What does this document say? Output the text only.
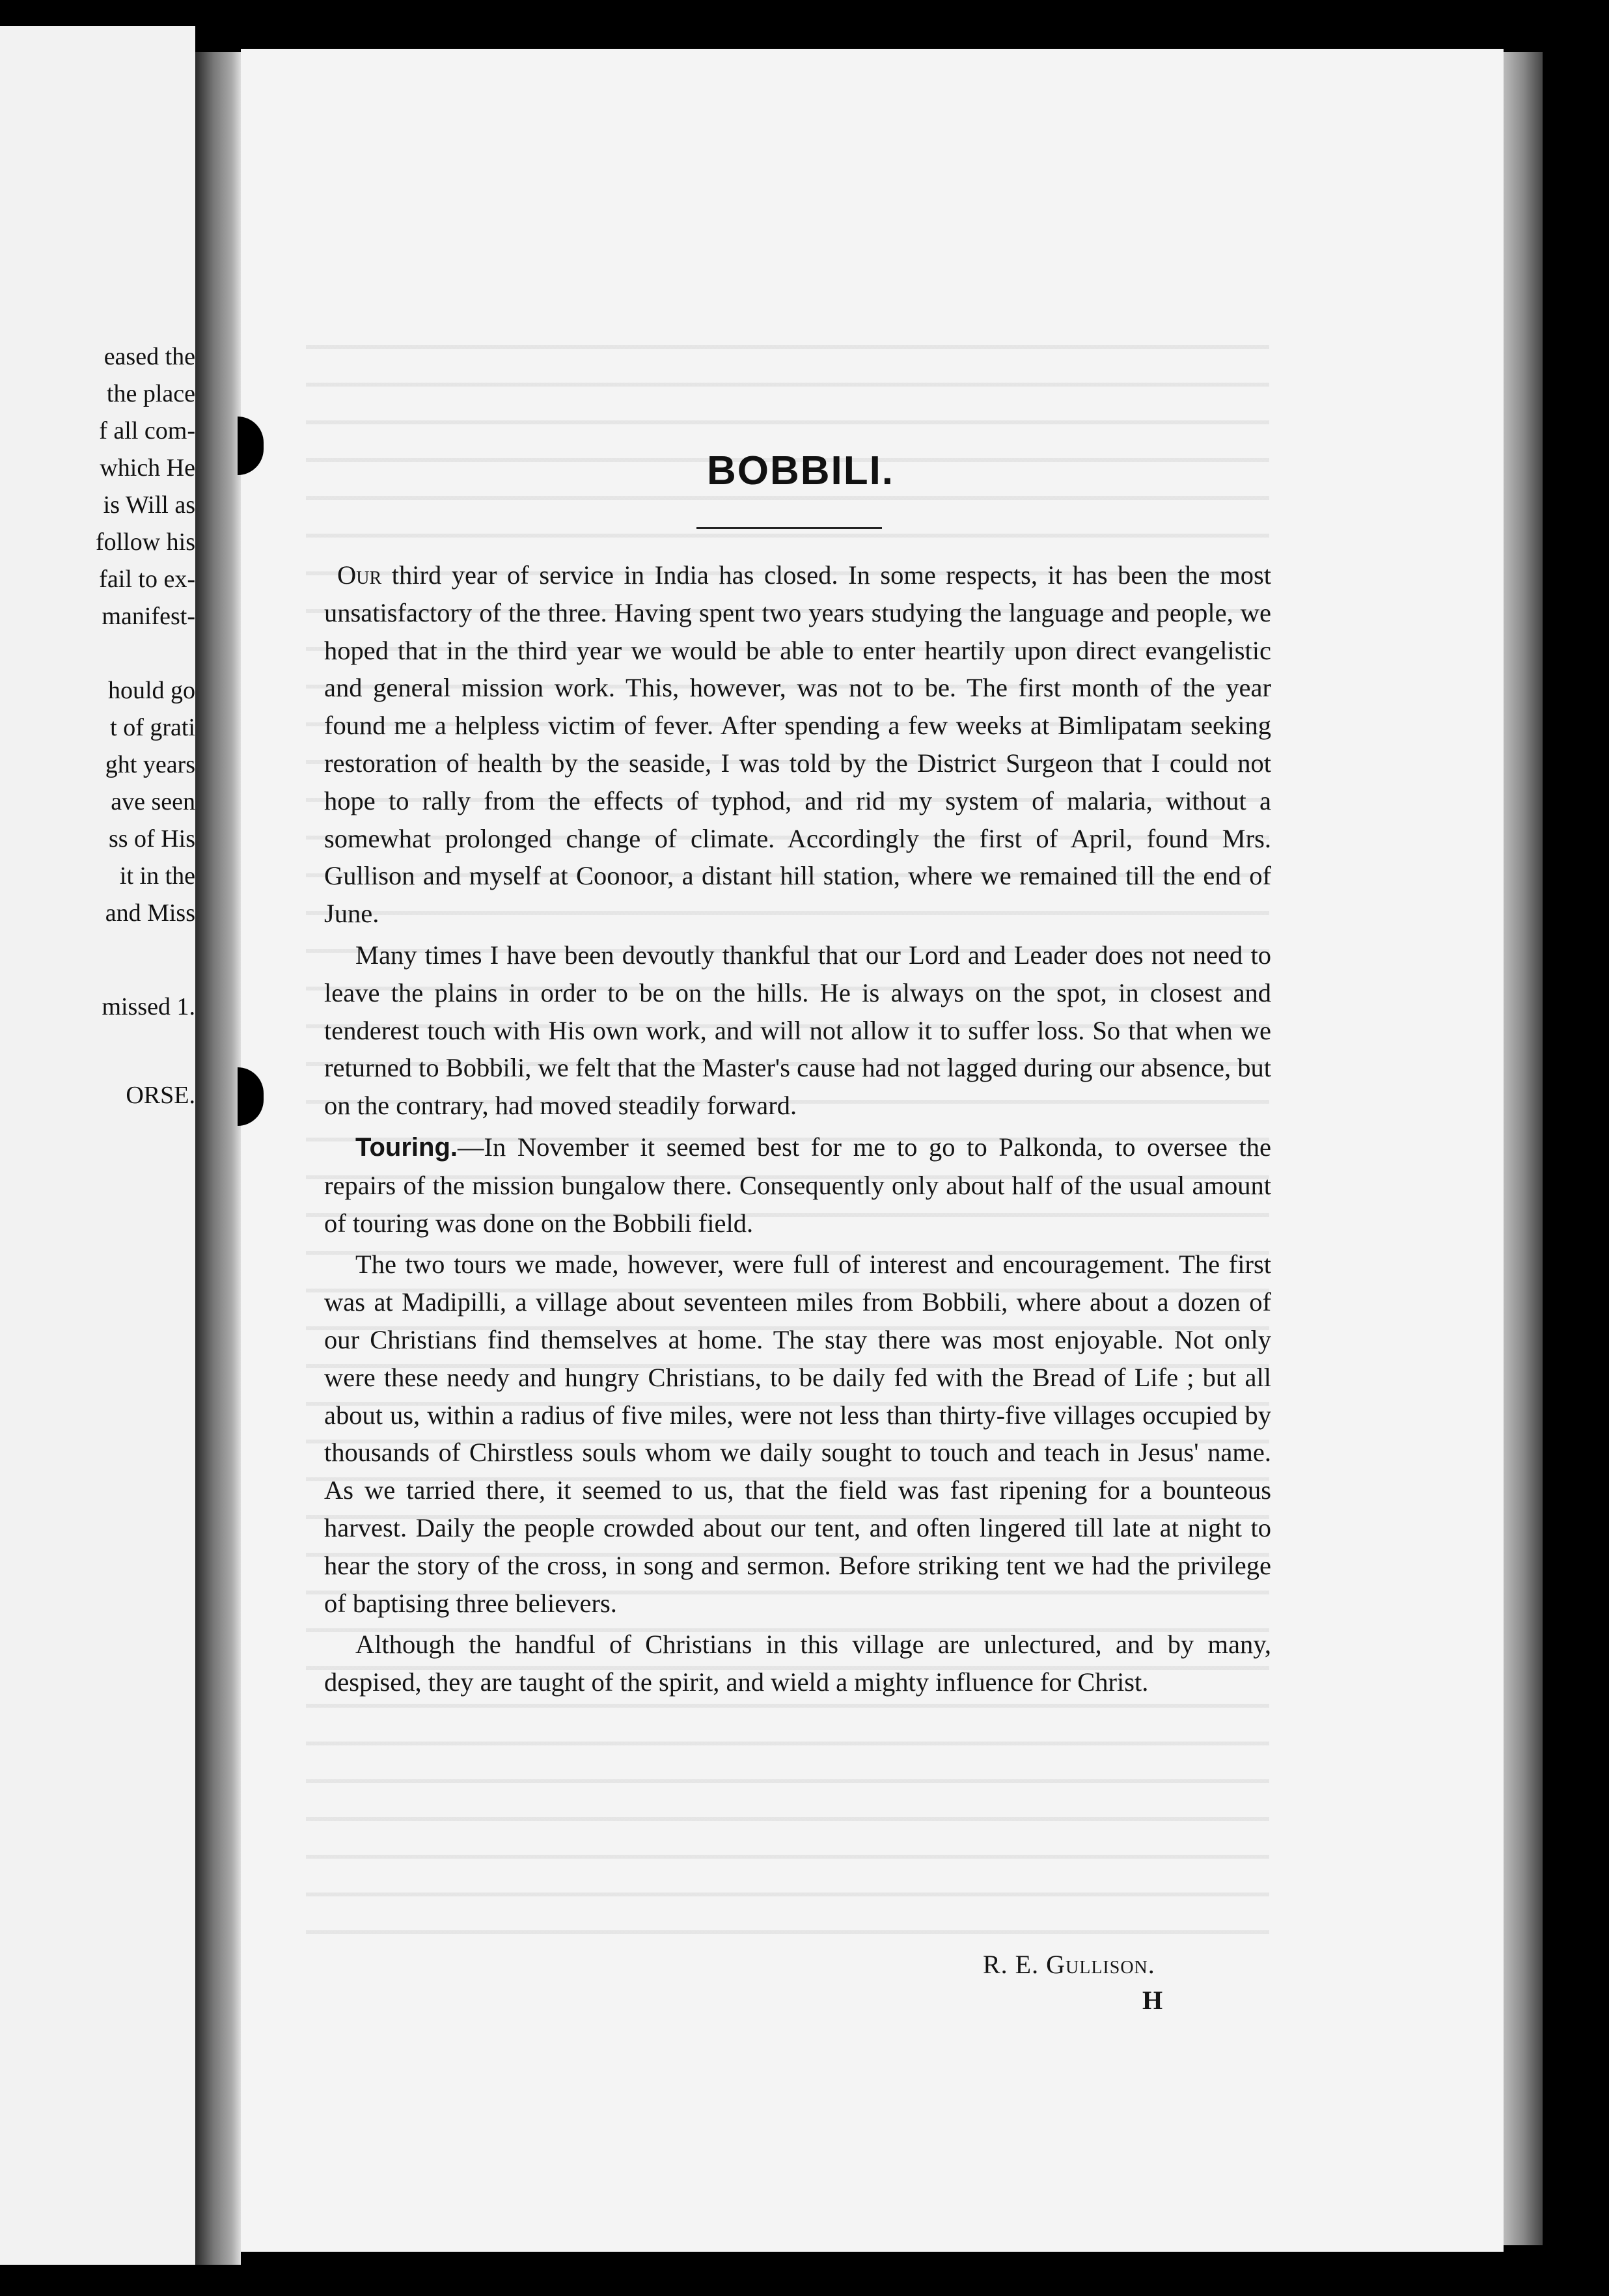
eased the
the place
f all com-
which He
is Will as
follow his
fail to ex-
manifest-
hould go
t of grati
ght years
ave seen
ss of His
it in the
and Miss
missed 1.
ORSE.
BOBBILI.

Our third year of service in India has closed. In some respects, it has been the most unsatisfactory of the three. Having spent two years studying the language and people, we hoped that in the third year we would be able to enter heartily upon direct evangelistic and general mission work. This, however, was not to be. The first month of the year found me a helpless victim of fever. After spending a few weeks at Bimlipatam seeking restoration of health by the seaside, I was told by the District Surgeon that I could not hope to rally from the effects of typhod, and rid my system of malaria, without a somewhat prolonged change of climate. Accordingly the first of April, found Mrs. Gullison and myself at Coonoor, a distant hill station, where we remained till the end of June.

Many times I have been devoutly thankful that our Lord and Leader does not need to leave the plains in order to be on the hills. He is always on the spot, in closest and tenderest touch with His own work, and will not allow it to suffer loss. So that when we returned to Bobbili, we felt that the Master's cause had not lagged during our absence, but on the contrary, had moved steadily forward.

Touring.—In November it seemed best for me to go to Palkonda, to oversee the repairs of the mission bungalow there. Consequently only about half of the usual amount of touring was done on the Bobbili field.

The two tours we made, however, were full of interest and encouragement. The first was at Madipilli, a village about seventeen miles from Bobbili, where about a dozen of our Christians find themselves at home. The stay there was most enjoyable. Not only were these needy and hungry Christians, to be daily fed with the Bread of Life ; but all about us, within a radius of five miles, were not less than thirty-five villages occupied by thousands of Chirstless souls whom we daily sought to touch and teach in Jesus' name. As we tarried there, it seemed to us, that the field was fast ripening for a bounteous harvest. Daily the people crowded about our tent, and often lingered till late at night to hear the story of the cross, in song and sermon. Before striking tent we had the privilege of baptising three believers.

Although the handful of Christians in this village are unlectured, and by many, despised, they are taught of the spirit, and wield a mighty influence for Christ.

R. E. Gullison.
H
